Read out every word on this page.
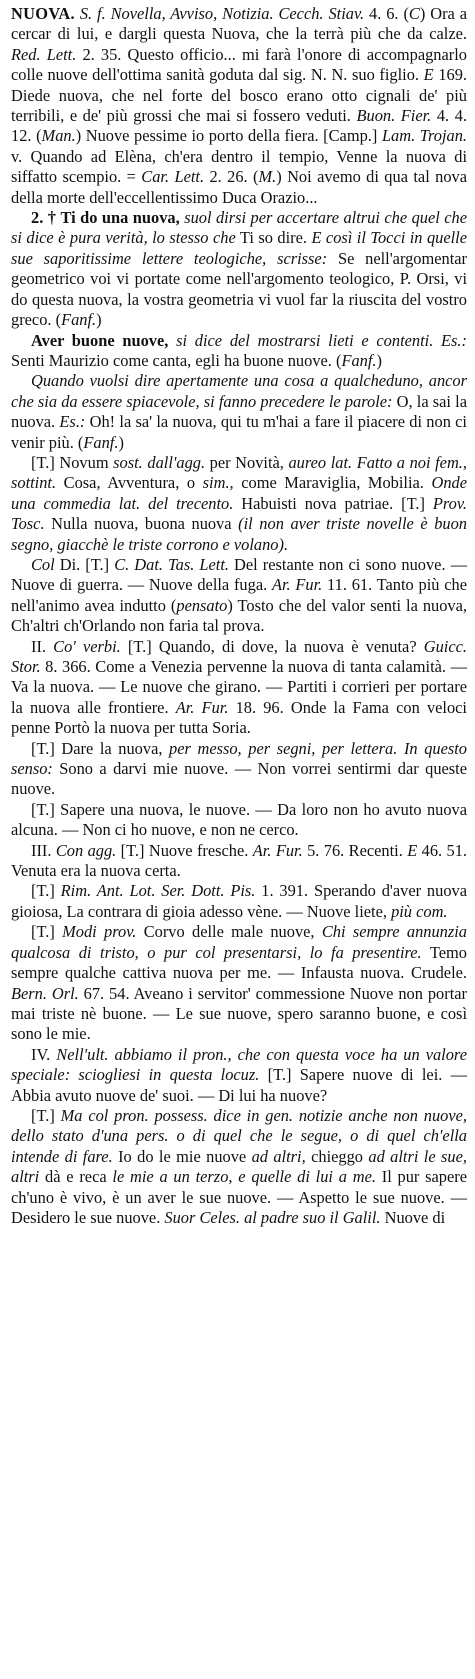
NUOVA. S. f. Novella, Avviso, Notizia. Cecch. Stiav. 4. 6. (C) Ora a cercar di lui, e dargli questa Nuova, che la terrà più che da calze. Red. Lett. 2. 35. Questo officio... mi farà l'onore di accompagnarlo colle nuove dell'ottima sanità goduta dal sig. N. N. suo figlio. E 169. Diede nuova, che nel forte del bosco erano otto cignali de' più terribili, e de' più grossi che mai si fossero veduti. Buon. Fier. 4. 4. 12. (Man.) Nuove pessime io porto della fiera. [Camp.] Lam. Trojan. v. Quando ad Elèna, ch'era dentro il tempio, Venne la nuova di siffatto scempio. = Car. Lett. 2. 26. (M.) Noi avemo di qua tal nova della morte dell'eccellentissimo Duca Orazio...

2. † Ti do una nuova, suol dirsi per accertare altrui che quel che si dice è pura verità, lo stesso che Ti so dire. E così il Tocci in quelle sue saporitissime lettere teologiche, scrisse: Se nell'argomentar geometrico voi vi portate come nell'argomento teologico, P. Orsi, vi do questa nuova, la vostra geometria vi vuol far la riuscita del vostro greco. (Fanf.)

Aver buone nuove, si dice del mostrarsi lieti e contenti. Es.: Senti Maurizio come canta, egli ha buone nuove. (Fanf.)

Quando vuolsi dire apertamente una cosa a qualcheduno, ancor che sia da essere spiacevole, si fanno precedere le parole: O, la sai la nuova. Es.: Oh! la sa' la nuova, qui tu m'hai a fare il piacere di non ci venir più. (Fanf.)

[T.] Novum sost. dall'agg. per Novità, aureo lat. Fatto a noi fem., sottint. Cosa, Avventura, o sim., come Maraviglia, Mobilia. Onde una commedia lat. del trecento. Habuisti nova patriae. [T.] Prov. Tosc. Nulla nuova, buona nuova (il non aver triste novelle è buon segno, giacchè le triste corrono e volano).

Col Di. [T.] C. Dat. Tas. Lett. Del restante non ci sono nuove. — Nuove di guerra. — Nuove della fuga. Ar. Fur. 11. 61. Tanto più che nell'animo avea indutto (pensato) Tosto che del valor senti la nuova, Ch'altri ch'Orlando non faria tal prova.

II. Co' verbi. [T.] Quando, di dove, la nuova è venuta? Guicc. Stor. 8. 366. Come a Venezia pervenne la nuova di tanta calamità. — Va la nuova. — Le nuove che girano. — Partiti i corrieri per portare la nuova alle frontiere. Ar. Fur. 18. 96. Onde la Fama con veloci penne Portò la nuova per tutta Soria.

[T.] Dare la nuova, per messo, per segni, per lettera. In questo senso: Sono a darvi mie nuove. — Non vorrei sentirmi dar queste nuove.

[T.] Sapere una nuova, le nuove. — Da loro non ho avuto nuova alcuna. — Non ci ho nuove, e non ne cerco.

III. Con agg. [T.] Nuove fresche. Ar. Fur. 5. 76. Recenti. E 46. 51. Venuta era la nuova certa.

[T.] Rim. Ant. Lot. Ser. Dott. Pis. 1. 391. Sperando d'aver nuova gioiosa, La contrara di gioia adesso vène. — Nuove liete, più com.

[T.] Modi prov. Corvo delle male nuove, Chi sempre annunzia qualcosa di tristo, o pur col presentarsi, lo fa presentire. Temo sempre qualche cattiva nuova per me. — Infausta nuova. Crudele. Bern. Orl. 67. 54. Aveano i servitor' commessione Nuove non portar mai triste nè buone. — Le sue nuove, spero saranno buone, e così sono le mie.

IV. Nell'ult. abbiamo il pron., che con questa voce ha un valore speciale: sciogliesi in questa locuz. [T.] Sapere nuove di lei. — Abbia avuto nuove de' suoi. — Di lui ha nuove?

[T.] Ma col pron. possess. dice in gen. notizie anche non nuove, dello stato d'una pers. o di quel che le segue, o di quel ch'ella intende di fare. Io do le mie nuove ad altri, chieggo ad altri le sue, altri dà e reca le mie a un terzo, e quelle di lui a me. Il pur sapere ch'uno è vivo, è un aver le sue nuove. — Aspetto le sue nuove. — Desidero le sue nuove. Suor Celes. al padre suo il Galil. Nuove di
